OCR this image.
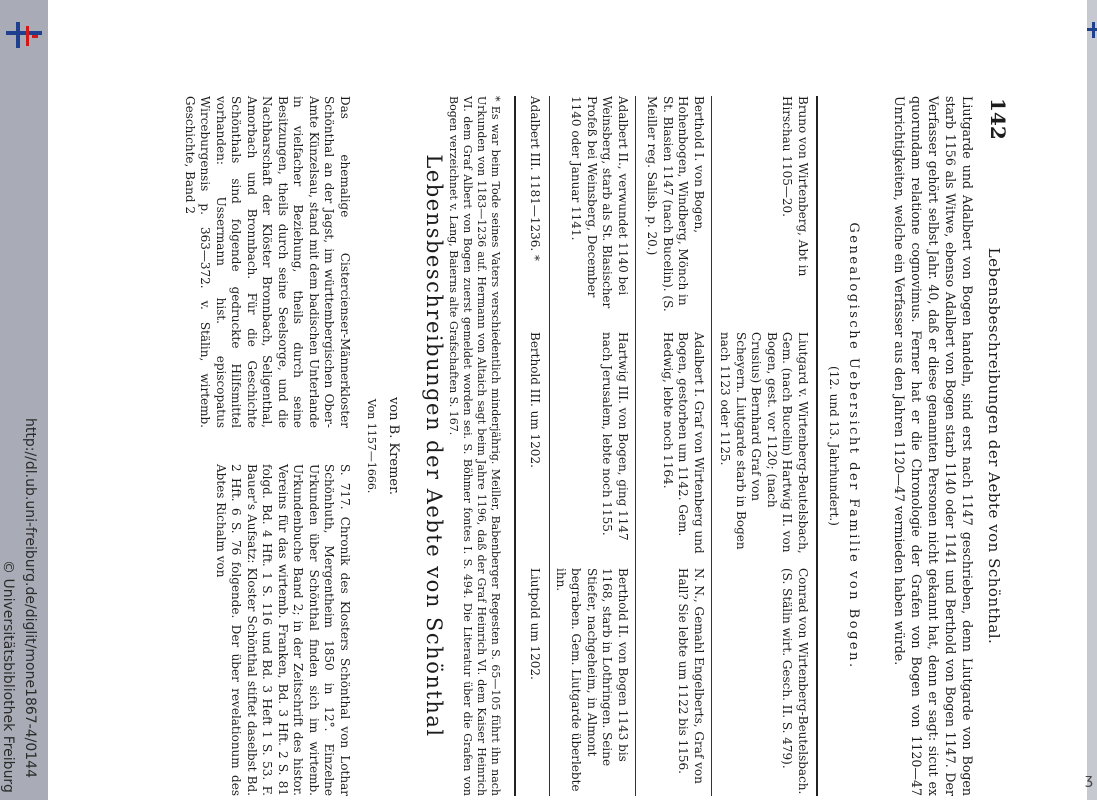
http://dl.ub.uni-freiburg.de/diglit/mone1867-4/0144
© Universitätsbibliothek Freiburg	ʒ
142
Lebensbeschreibungen der Aebte von Schönthal.
Liutgarde und Adalbert von Bogen handeln, sind erst nach 1147 geschrieben, denn Liutgarde von Bogen starb 1156 als Witwe, ebenso Adalbert von Bogen starb 1140 oder 1141 und Berthold von Bogen 1147. Der Verfasser gehört selbst Jahr. 40, daß er diese genannten Personen nicht gekannt hat, denn er sagt: sicut ex quorundam relatione cognovimus. Ferner hat er die Chronologie der Grafen von Bogen von 1120—47 Unrichtigkeiten, welche ein Verfasser aus den Jahren 1120—47 vermieden haben würde.
Genealogische Uebersicht der Familie von Bogen.
(12. und 13. Jahrhundert.)
Bruno von Wirtenberg, Abt in Hirschau 1105—20.
Liutgard v. Wirtenberg-Beutelsbach, Gem. (nach Bucelin) Hartwig II. von Bogen, gest. vor 1120; (nach Crusius) Bernhard Graf von Scheyern. Liutgarde starb in Bogen nach 1123 oder 1125.
Conrad von Wirtenberg-Beutelsbach. (S. Stälin wirt. Gesch. II. S. 479).
Berthold I. von Bogen, Hohenbogen, Windberg, Mönch in St. Blasien 1147 (nach Bucelin). (S. Meiller reg. Salisb. p. 20.)
Adalbert I. Graf von Wirtenberg und Bogen, gestorben um 1142. Gem. Hedwig, lebte noch 1164.
N. N., Gemahl Engelberts, Graf von Hall? Sie lebte um 1122 bis 1156.
Adalbert II., verwundet 1140 bei Weinsberg, starb als St. Blasischer Profeß bei Weinsberg, December 1140 oder Januar 1141.
Hartwig III. von Bogen, ging 1147 nach Jerusalem, lebte noch 1155.
Berthold II. von Bogen 1143 bis 1168, starb in Lothringen. Seine Stiefer, nachgeheim, in Almont begraben. Gem. Liutgarde überlebte ihn.
Adalbert III. 1181—1236. *
Berthold III. um 1202.
Liutpold um 1202.
* Es war beim Tode seines Vaters verschiedentlich minderjährig. Meiller, Babenberger Regesten S. 65—105 führt ihn nach Urkunden von 1183—1236 auf. Hermann von Altaich sagt beim Jahre 1196, daß der Graf Heinrich VI. dem Kaiser Heinrich VI. dem Graf Albert von Bogen zuerst gemeldet worden sei. S. Böhmer fontes I. S. 494. Die Literatur über die Grafen von Bogen verzeichnet v. Lang, Baierns alte Grafschaften S. 167.
Lebensbeschreibungen der Aebte von Schönthal
von B. Kremer.
Von 1157—1666.
Das ehemalige Cistercienser-Männerkloster Schönthal an der Jagst, im württembergischen Ober-Amte Künzelsau, stand mit dem badischen Unterlande in vielfacher Beziehung, theils durch seine Besitzungen, theils durch seine Seelsorge, und die Nachbarschaft der Klöster Bronnbach, Seligenthal, Amorbach und Bronnbach. Für die Geschichte Schönthals sind folgende gedruckte Hilfsmittel vorhanden: Ussermann hist. episcopatus Wirceburgensis p. 363—372. v. Stälin, wirtemb. Geschichte, Band 2
S. 717. Chronik des Klosters Schönthal von Lothar Schönhuth, Mergentheim 1850 in 12°. Einzelne Urkunden über Schönthal finden sich im wirtemb. Urkundenbuche Band 2; in der Zeitschrift des histor. Vereins für das wirtemb. Franken, Bd. 3 Hft. 2 S. 81 folgd. Bd. 4 Hft. 1 S. 116 und Bd. 3 Heft 1 S. 53. F. Bauer's Aufsatz: Kloster Schönthal stiftet daselbst Bd. 2 Hft. 6 S. 76 folgende. Der über revelationum des Abtes Richalm von
